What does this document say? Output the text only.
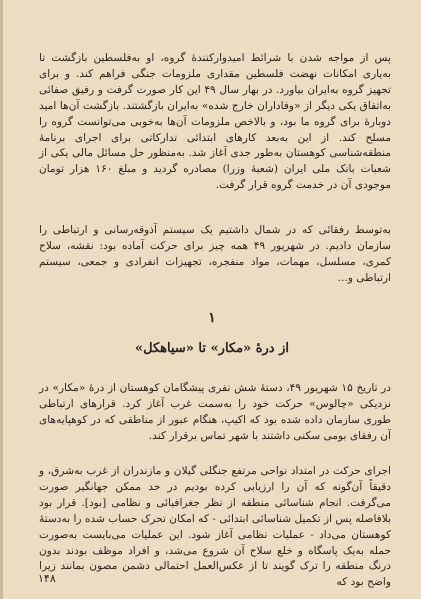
پس از مواجه شدن با شرائط امیدوارکنندهٔ گروه، او به‌فلسطین بازگشت تا به‌یاری امکانات نهضت فلسطین مقداری ملزومات جنگی فراهم کند. و برای تجهیز گروه به‌ایران بیاورد. در بهار سال ۴۹ این کار صورت گرفت و رفیق صفائی به‌اتفاق یکی دیگر از «وفاداران خارج شده» به‌ایران بازگشتند. بازگشت آن‌ها امید دوبارهٔ برای گروه ما بود، و بالاخص ملزومات آن‌ها به‌خوبی می‌توانست گروه را مسلح کند. از این به‌بعد کارهای ابتدائی تدارکاتی برای اجرای برنامهٔ منطقه‌شناسی کوهستان به‌طور جدی آغاز شد. به‌منظور حل مسائل مالی یکی از شعبات بانک ملی ایران (شعبهٔ وزرا) مصادره گردید و مبلغ ۱۶۰ هزار تومان موجودی آن در خدمت گروه قرار گرفت.

به‌توسط رفقائی که در شمال داشتیم یک سیستم آذوقه‌رسانی و ارتباطی را سازمان دادیم. در شهریور ۴۹ همه چیز برای حرکت آماده بود: نقشه، سلاح کمری، مسلسل، مهمات، مواد منفجره، تجهیزات انفرادی و جمعی، سیستم ارتباطی و...

۱
از درهٔ «مکار» تا «سیاهکل»

در تاریخ ۱۵ شهریور ۴۹، دستهٔ شش نفری پیشگامان کوهستان از درهٔ «مکار» در نزدیکی «چالوس» حرکت خود را به‌سمت غرب آغاز کرد. قرارهای ارتباطی طوری سازمان داده شده بود که اکیپ، هنگام عبور از مناطقی که در کوهپایه‌های آن رفقای بومی سکنی داشتند با شهر تماس برقرار کند.

اجرای حرکت در امتداد نواحی مرتفع جنگلی گیلان و مازندران از غرب به‌شرق، و دقیقاً آن‌گونه که آن را ارزیابی کرده بودیم در حد ممکن جهانگیر صورت می‌گرفت. انجام شناسائی منطقه از نظر جغرافیائی و نظامی [بود]. قرار بود بلافاصله پس از تکمیل شناسائی ابتدائی - که امکان تحرک حساب شده را به‌دستهٔ کوهستان می‌داد - عملیات نظامی آغاز شود. این عملیات می‌بایست به‌صورت حمله به‌یک پاسگاه و خلع سلاح آن شروع می‌شد، و افراد موظف بودند بدون درنگ منطقه را ترک گویند تا از عکس‌العمل احتمالی دشمن مصون بمانند زیرا واضح بود که

۱۴۸
